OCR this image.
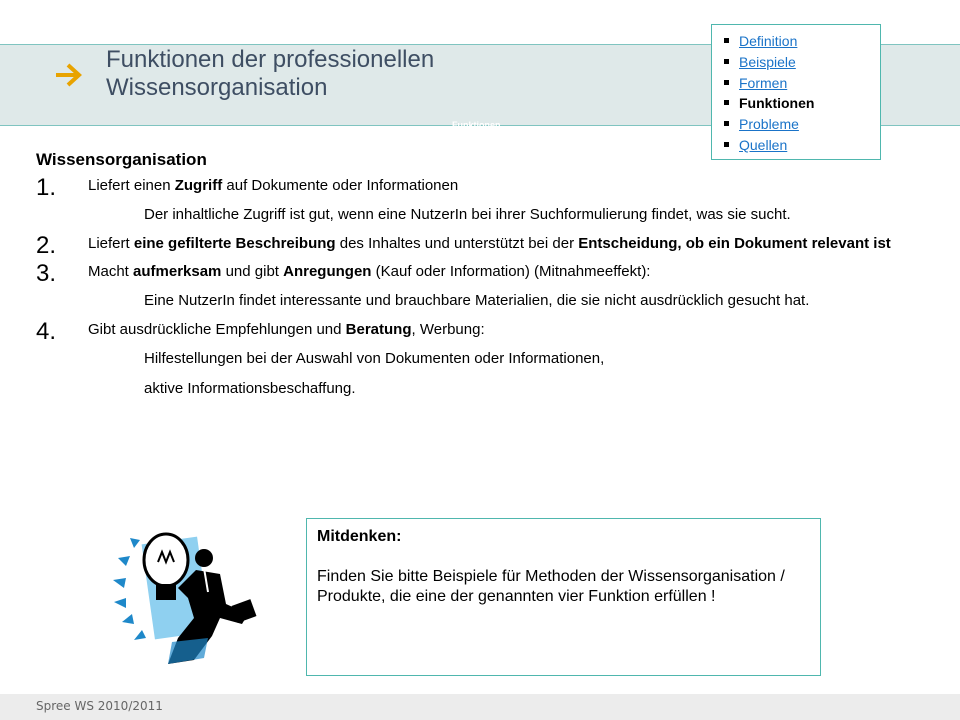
Funktionen der professionellen
Wissensorganisation
Funktionen
Definition
Beispiele
Formen
Funktionen
Probleme
Quellen
Wissensorganisation
1. Liefert einen Zugriff auf Dokumente oder Informationen
Der inhaltliche Zugriff ist gut, wenn eine NutzerIn bei ihrer Suchformulierung findet, was sie sucht.
2. Liefert eine gefilterte Beschreibung des Inhaltes und unterstützt bei der Entscheidung, ob ein Dokument relevant ist
3. Macht aufmerksam und gibt Anregungen (Kauf oder Information) (Mitnahmeeffekt):
Eine NutzerIn findet interessante und brauchbare Materialien, die sie nicht ausdrücklich gesucht hat.
4. Gibt ausdrückliche Empfehlungen und Beratung, Werbung:
Hilfestellungen bei der Auswahl von Dokumenten oder Informationen,
aktive Informationsbeschaffung.
Mitdenken:
Finden Sie bitte Beispiele für Methoden der Wissensorganisation / Produkte, die eine der genannten vier Funktion erfüllen !
Spree WS 2010/2011
